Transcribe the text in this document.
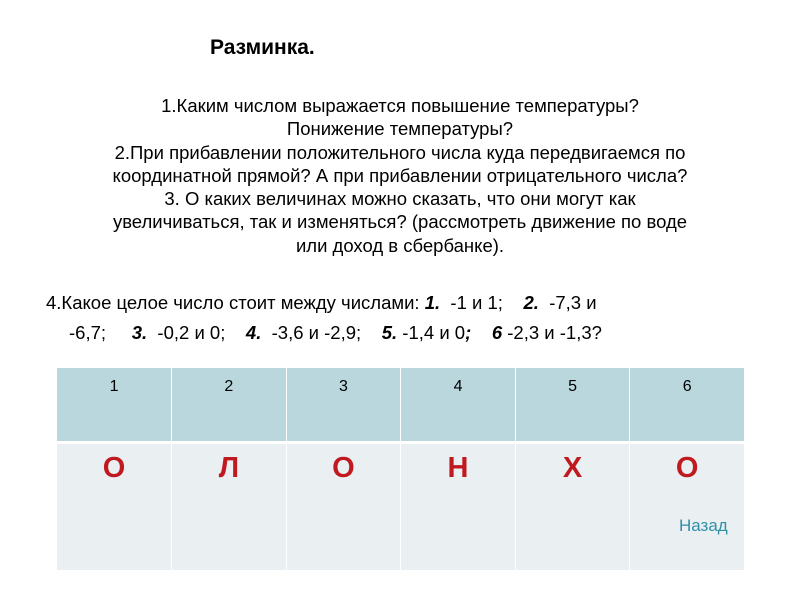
Разминка.
1.Каким числом выражается повышение температуры?
Понижение температуры?
2.При прибавлении положительного числа куда передвигаемся по
координатной прямой? А при прибавлении отрицательного числа?
3. О каких величинах можно сказать, что они могут как
увеличиваться, так и изменяться? (рассмотреть движение по воде
или доход в сбербанке).
4.Какое целое число стоит между числами: 1.  -1 и 1;    2.  -7,3 и
-6,7;     3.  -0,2 и 0;    4.  -3,6 и -2,9;    5. -1,4 и 0; 6 -2,3 и -1,3?
1	2	3	4	5	6
О	Л	О	Н	Х	О
Назад
